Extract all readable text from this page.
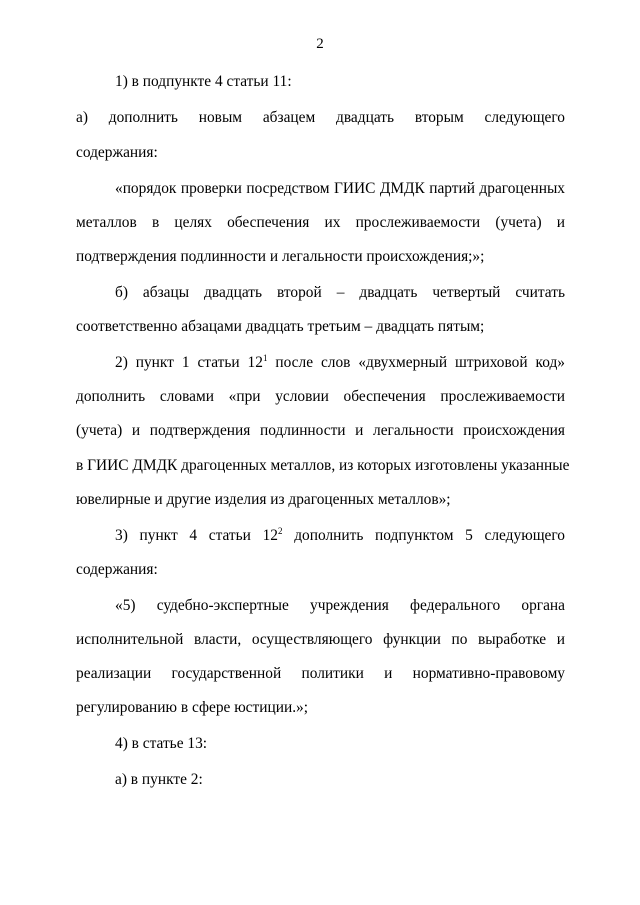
2
1) в подпункте 4 статьи 11:
а) дополнить новым абзацем двадцать вторым следующего
содержания:
«порядок проверки посредством ГИИС ДМДК партий драгоценных
металлов в целях обеспечения их прослеживаемости (учета) и
подтверждения подлинности и легальности происхождения;»;
б) абзацы двадцать второй – двадцать четвертый считать
соответственно абзацами двадцать третьим – двадцать пятым;
2) пункт 1 статьи $12^1$ после слов «двухмерный штриховой код»
дополнить словами «при условии обеспечения прослеживаемости
(учета) и подтверждения подлинности и легальности происхождения
в ГИИС ДМДК драгоценных металлов, из которых изготовлены указанные
ювелирные и другие изделия из драгоценных металлов»;
3) пункт 4 статьи $12^2$ дополнить подпунктом 5 следующего
содержания:
«5) судебно-экспертные учреждения федерального органа
исполнительной власти, осуществляющего функции по выработке и
реализации государственной политики и нормативно-правовому
регулированию в сфере юстиции.»;
4) в статье 13:
а) в пункте 2:
